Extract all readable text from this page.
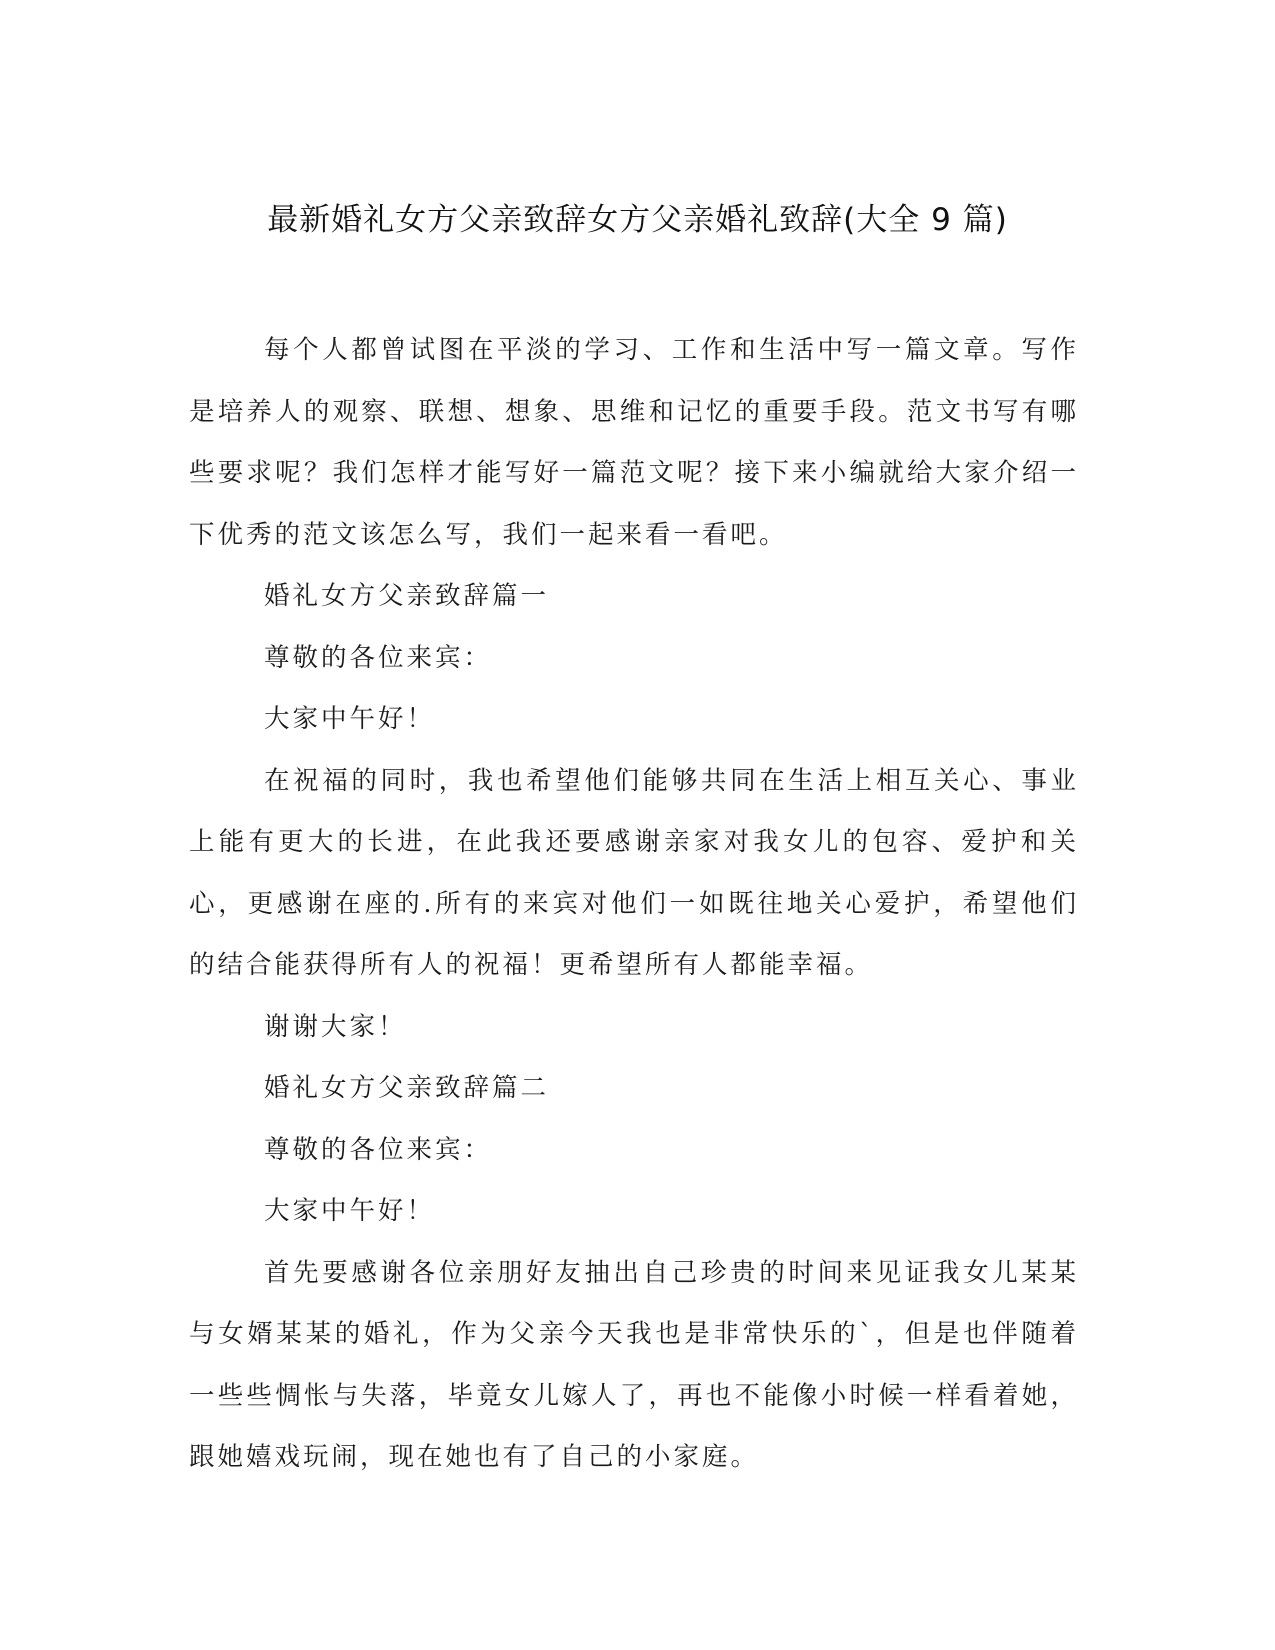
最新婚礼女方父亲致辞女方父亲婚礼致辞(大全 9 篇)

每个人都曾试图在平淡的学习、工作和生活中写一篇文章。写作是培养人的观察、联想、想象、思维和记忆的重要手段。范文书写有哪些要求呢？我们怎样才能写好一篇范文呢？接下来小编就给大家介绍一下优秀的范文该怎么写，我们一起来看一看吧。

婚礼女方父亲致辞篇一

尊敬的各位来宾：

大家中午好！

在祝福的同时，我也希望他们能够共同在生活上相互关心、事业上能有更大的长进，在此我还要感谢亲家对我女儿的包容、爱护和关心，更感谢在座的.所有的来宾对他们一如既往地关心爱护，希望他们的结合能获得所有人的祝福！更希望所有人都能幸福。

谢谢大家！

婚礼女方父亲致辞篇二

尊敬的各位来宾：

大家中午好！

首先要感谢各位亲朋好友抽出自己珍贵的时间来见证我女儿某某与女婿某某的婚礼，作为父亲今天我也是非常快乐的`，但是也伴随着一些些惆怅与失落，毕竟女儿嫁人了，再也不能像小时候一样看着她，跟她嬉戏玩闹，现在她也有了自己的小家庭。
